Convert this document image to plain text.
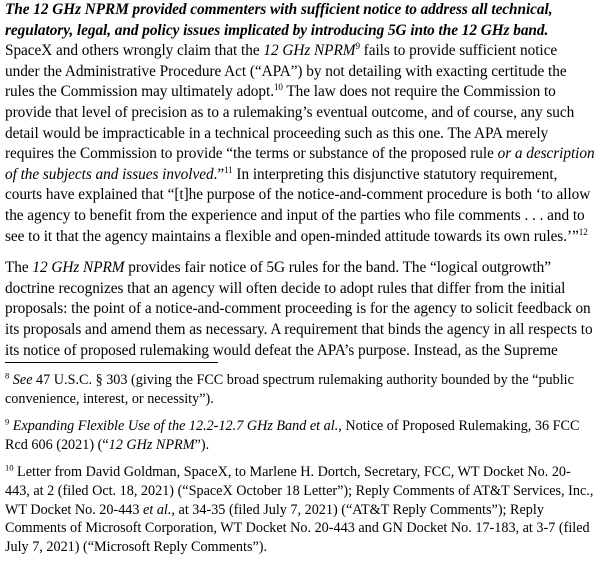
The 12 GHz NPRM provided commenters with sufficient notice to address all technical, regulatory, legal, and policy issues implicated by introducing 5G into the 12 GHz band. SpaceX and others wrongly claim that the 12 GHz NPRM$^9$ fails to provide sufficient notice under the Administrative Procedure Act (“APA”) by not detailing with exacting certitude the rules the Commission may ultimately adopt.$^{10}$ The law does not require the Commission to provide that level of precision as to a rulemaking’s eventual outcome, and of course, any such detail would be impracticable in a technical proceeding such as this one. The APA merely requires the Commission to provide “the terms or substance of the proposed rule or a description of the subjects and issues involved.”$^{11}$ In interpreting this disjunctive statutory requirement, courts have explained that “[t]he purpose of the notice-and-comment procedure is both ‘to allow the agency to benefit from the experience and input of the parties who file comments . . . and to see to it that the agency maintains a flexible and open-minded attitude towards its own rules.’”$^{12}$

The 12 GHz NPRM provides fair notice of 5G rules for the band. The “logical outgrowth” doctrine recognizes that an agency will often decide to adopt rules that differ from the initial proposals: the point of a notice-and-comment proceeding is for the agency to solicit feedback on its proposals and amend them as necessary. A requirement that binds the agency in all respects to its notice of proposed rulemaking would defeat the APA’s purpose. Instead, as the Supreme

$^8$ See 47 U.S.C. § 303 (giving the FCC broad spectrum rulemaking authority bounded by the “public convenience, interest, or necessity”).

$^9$ Expanding Flexible Use of the 12.2-12.7 GHz Band et al., Notice of Proposed Rulemaking, 36 FCC Rcd 606 (2021) (“12 GHz NPRM”).

$^{10}$ Letter from David Goldman, SpaceX, to Marlene H. Dortch, Secretary, FCC, WT Docket No. 20-443, at 2 (filed Oct. 18, 2021) (“SpaceX October 18 Letter”); Reply Comments of AT&T Services, Inc., WT Docket No. 20-443 et al., at 34-35 (filed July 7, 2021) (“AT&T Reply Comments”); Reply Comments of Microsoft Corporation, WT Docket No. 20-443 and GN Docket No. 17-183, at 3-7 (filed July 7, 2021) (“Microsoft Reply Comments”).
